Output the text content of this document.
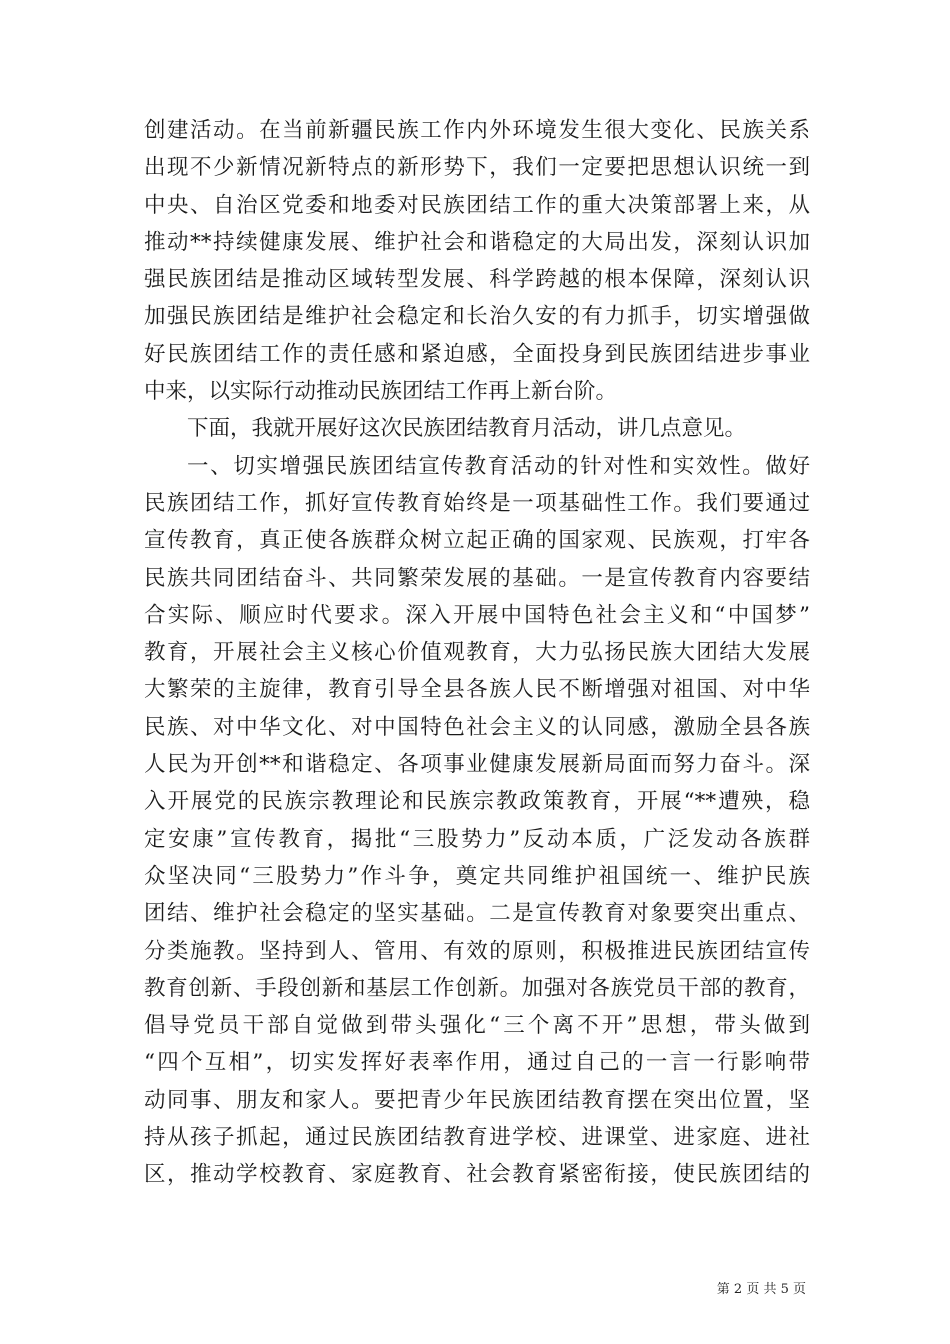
创建活动。在当前新疆民族工作内外环境发生很大变化、民族关系
出现不少新情况新特点的新形势下，我们一定要把思想认识统一到
中央、自治区党委和地委对民族团结工作的重大决策部署上来，从
推动**持续健康发展、维护社会和谐稳定的大局出发，深刻认识加
强民族团结是推动区域转型发展、科学跨越的根本保障，深刻认识
加强民族团结是维护社会稳定和长治久安的有力抓手，切实增强做
好民族团结工作的责任感和紧迫感，全面投身到民族团结进步事业
中来，以实际行动推动民族团结工作再上新台阶。
下面，我就开展好这次民族团结教育月活动，讲几点意见。
一、切实增强民族团结宣传教育活动的针对性和实效性。做好
民族团结工作，抓好宣传教育始终是一项基础性工作。我们要通过
宣传教育，真正使各族群众树立起正确的国家观、民族观，打牢各
民族共同团结奋斗、共同繁荣发展的基础。一是宣传教育内容要结
合实际、顺应时代要求。深入开展中国特色社会主义和“中国梦”
教育，开展社会主义核心价值观教育，大力弘扬民族大团结大发展
大繁荣的主旋律，教育引导全县各族人民不断增强对祖国、对中华
民族、对中华文化、对中国特色社会主义的认同感，激励全县各族
人民为开创**和谐稳定、各项事业健康发展新局面而努力奋斗。深
入开展党的民族宗教理论和民族宗教政策教育，开展“**遭殃，稳
定安康”宣传教育，揭批“三股势力”反动本质，广泛发动各族群
众坚决同“三股势力”作斗争，奠定共同维护祖国统一、维护民族
团结、维护社会稳定的坚实基础。二是宣传教育对象要突出重点、
分类施教。坚持到人、管用、有效的原则，积极推进民族团结宣传
教育创新、手段创新和基层工作创新。加强对各族党员干部的教育，
倡导党员干部自觉做到带头强化“三个离不开”思想，带头做到
“四个互相”，切实发挥好表率作用，通过自己的一言一行影响带
动同事、朋友和家人。要把青少年民族团结教育摆在突出位置，坚
持从孩子抓起，通过民族团结教育进学校、进课堂、进家庭、进社
区，推动学校教育、家庭教育、社会教育紧密衔接，使民族团结的
第 2 页 共 5 页
